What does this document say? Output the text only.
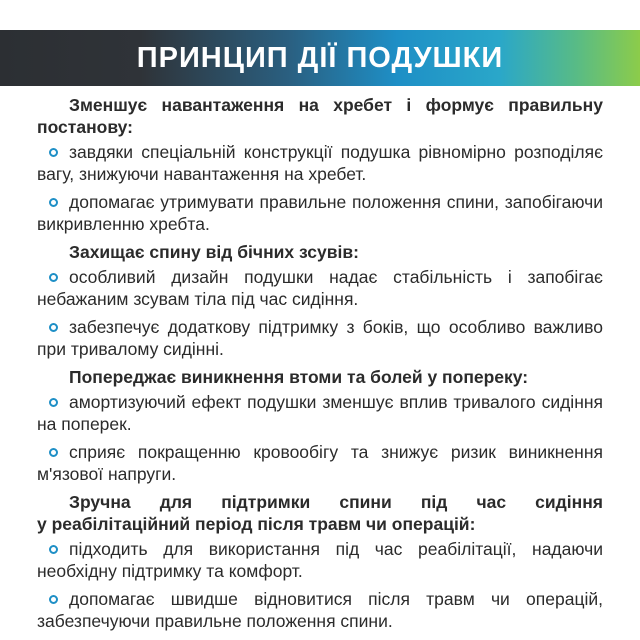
ПРИНЦИП ДІЇ ПОДУШКИ
Зменшує навантаження на хребет і формує правильну постанову:
завдяки спеціальній конструкції подушка рівномірно розподіляє вагу, знижуючи навантаження на хребет.
допомагає утримувати правильне положення спини, запобігаючи викривленню хребта.
Захищає спину від бічних зсувів:
особливий дизайн подушки надає стабільність і запобігає небажаним зсувам тіла під час сидіння.
забезпечує додаткову підтримку з боків, що особливо важливо при тривалому сидінні.
Попереджає виникнення втоми та болей у попереку:
амортизуючий ефект подушки зменшує вплив тривалого сидіння на поперек.
сприяє покращенню кровообігу та знижує ризик виникнення м'язової напруги.
Зручна для підтримки спини під час сидіння
у реабілітаційний період після травм чи операцій:
підходить для використання під час реабілітації, надаючи необхідну підтримку та комфорт.
допомагає швидше відновитися після травм чи операцій, забезпечуючи правильне положення спини.
